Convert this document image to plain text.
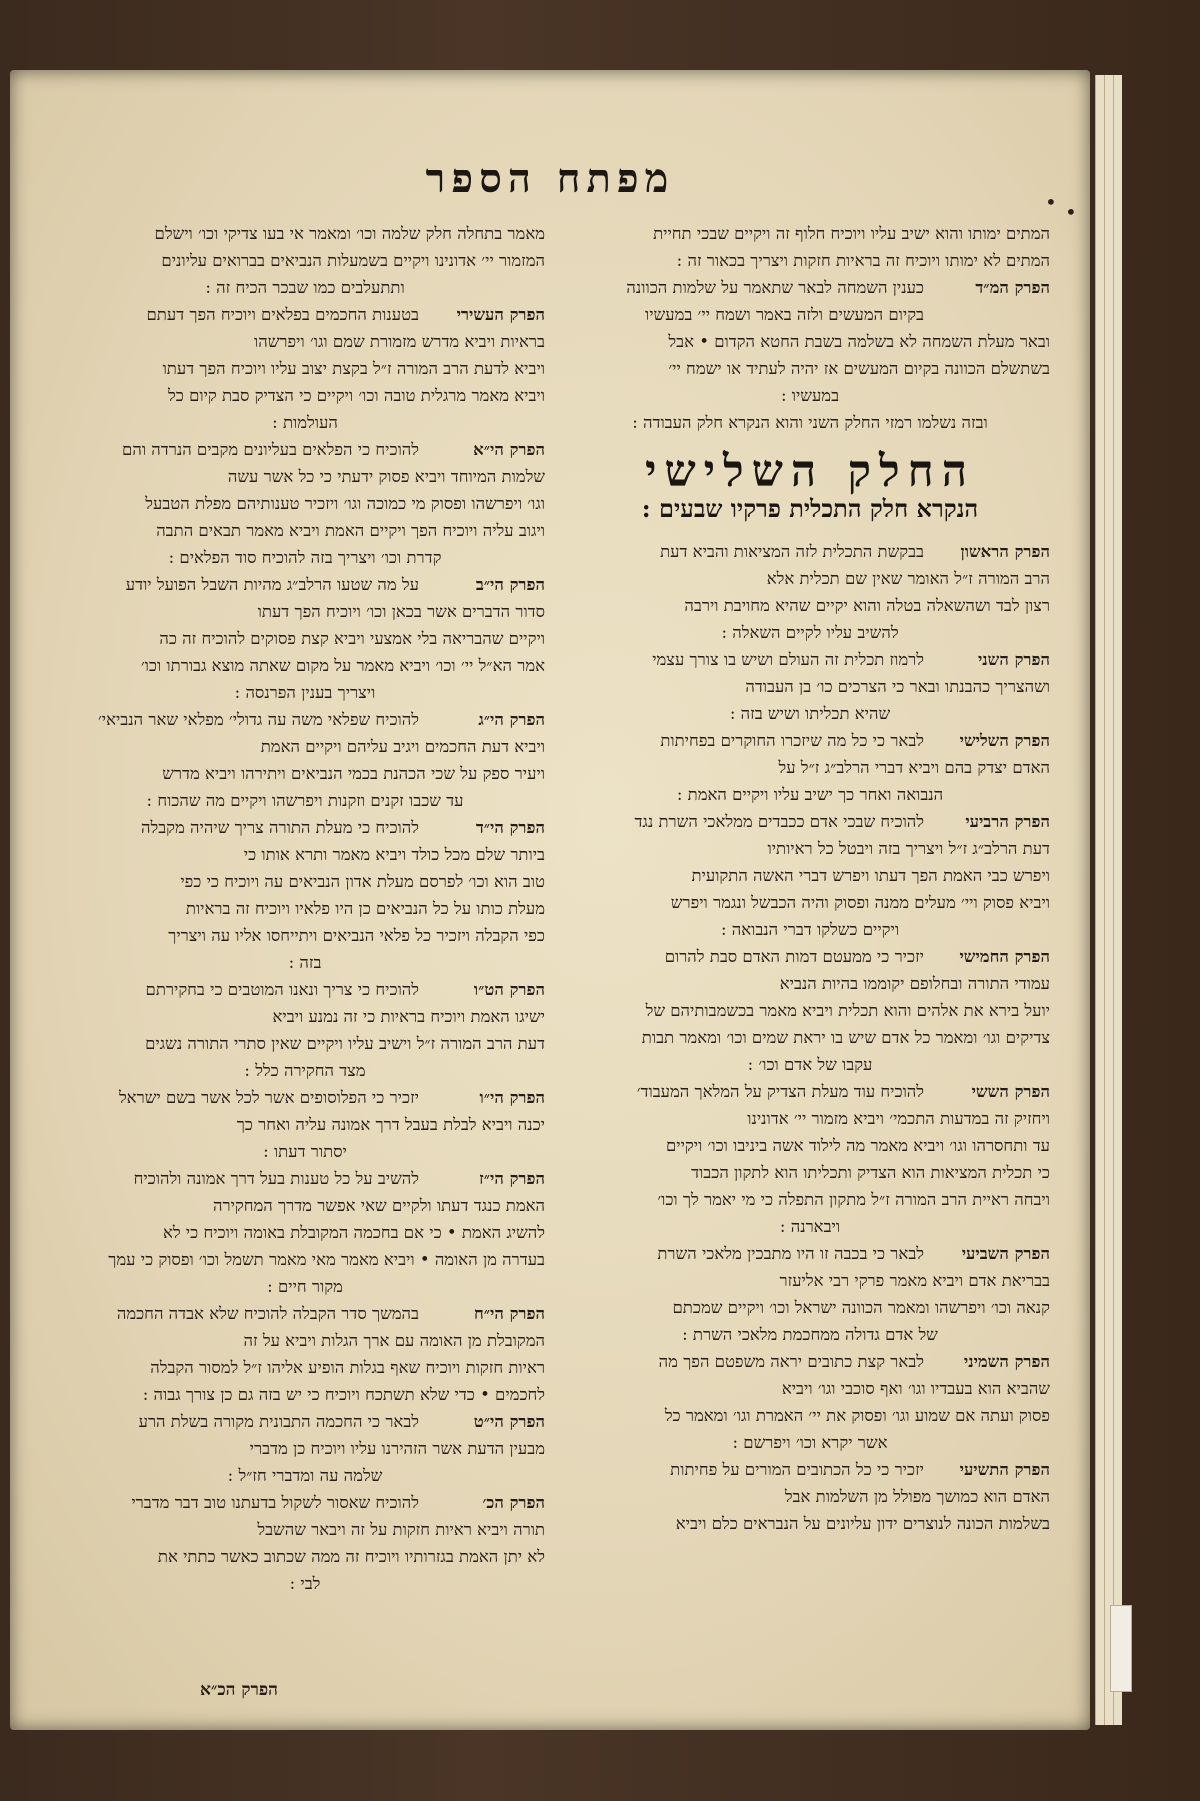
• •
מפתח הספר
המתים ימותו והוא ישיב עליו ויוכיח חלוף זה ויקיים שבכי תחיית
המתים לא ימותו ויוכיח זה בראיות חזקות ויצריך בכאור זה :
הפרק המ״ד
כענין השמחה לבאר שתאמר על שלמות הכוונה
בקיום המעשים ולזה באמר ושמח יי׳ במעשיו
ובאר מעלת השמחה לא בשלמה בשבת החטא הקדום • אבל
בשתשלם הכוונה בקיום המעשים אז יהיה לעתיד או ישמח יי׳
במעשיו :
ובזה נשלמו רמזי החלק השני והוא הנקרא חלק העבודה :
החלק השלישי
הנקרא חלק התכלית פרקיו שבעים :
הפרק הראשון
בבקשת התכלית לזה המציאות והביא דעת
הרב המורה ז״ל האומר שאין שם תכלית אלא
רצון לבד ושהשאלה בטלה והוא יקיים שהיא מחויבת וירבה
להשיב עליו לקיים השאלה :
הפרק השני
לרמוז תכלית זה העולם ושיש בו צורך עצמי
ושהצריך כהבנתו ובאר כי הצרכים כו׳ בן העבודה
שהיא תכליתו ושיש בזה :
הפרק השלישי
לבאר כי כל מה שיזכרו החוקרים בפחיתות
האדם יצדק בהם ויביא דברי הרלב״ג ז״ל על
הנבואה ואחר כך ישיב עליו ויקיים האמת :
הפרק הרביעי
להוכיח שבכי אדם ככבדים ממלאכי השרת נגד
דעת הרלב״ג ז״ל ויצריך בזה ויבטל כל ראיותיו
ויפרש כבי האמת הפך דעתו ויפרש דברי האשה התקועית
ויביא פסוק ויי׳ מעלים ממנה ופסוק והיה הכבשל ונגמר ויפרש
ויקיים כשלקו דברי הנבואה :
הפרק החמישי
יזכיר כי ממעטם דמות האדם סבת להרום
עמודי התורה ובחלופם יקוממו בהיות הנביא
יועל בירא את אלהים והוא תכלית ויביא מאמר בכשמבותיהם של
צדיקים וגו׳ ומאמר כל אדם שיש בו יראת שמים וכו׳ ומאמר תבות
עקבו של אדם וכו׳ :
הפרק הששי
להוכיח עוד מעלת הצדיק על המלאך המעבוד׳
ויחזיק זה במדעות התכמי׳ ויביא מזמור יי׳ אדונינו
עד ותחסרהו וגו׳ ויביא מאמר מה לילוד אשה ביניבו וכו׳ ויקיים
כי תכלית המציאות הוא הצדיק ותכליתו הוא לתקון הכבוד
ויבחה ראיית הרב המורה ז״ל מתקון התפלה כי מי יאמר לך וכו׳
ויבארנה :
הפרק השביעי
לבאר כי בכבה זו היו מתבכין מלאכי השרת
בבריאת אדם ויביא מאמר פרקי רבי אליעזר
קנאה וכו׳ ויפרשהו ומאמר הכוונה ישראל וכו׳ ויקיים שמכתם
של אדם גדולה ממחכמת מלאכי השרת :
הפרק השמיני
לבאר קצת כתובים יראה משפטם הפך מה
שהביא הוא בעבדיו וגו׳ ואף סוכבי וגו׳ ויביא
פסוק ועתה אם שמוע וגו׳ ופסוק את יי׳ האמרת וגו׳ ומאמר כל
אשר יקרא וכו׳ ויפרשם :
הפרק התשיעי
יזכיר כי כל הכתובים המורים על פחיתות
האדם הוא כמושך מפולל מן השלמות אבל
בשלמות הכונה לנוצרים ידון עליונים על הנבראים כלם ויביא
מאמר בתחלה חלק שלמה וכו׳ ומאמר אי בעו צדיקי וכו׳ וישלם
המזמור יי׳ אדונינו ויקיים בשמעלות הנביאים בברואים עליונים
ותתעלבים כמו שבכר הכיח זה :
הפרק העשירי
בטענות החכמים בפלאים ויוכיח הפך דעתם
בראיות ויביא מדרש מזמורת שמם וגו׳ ויפרשהו
ויביא לדעת הרב המורה ז״ל בקצת יצוב עליו ויוכיח הפך דעתו
ויביא מאמר מרגלית טובה וכו׳ ויקיים כי הצדיק סבת קיום כל
העולמות :
הפרק הי״א
להוכיח כי הפלאים בעליונים מקבים הנרדה והם
שלמות המיוחד ויביא פסוק ידעתי כי כל אשר עשה
וגו׳ ויפרשהו ופסוק מי כמוכה וגו׳ ויזכיר טענותיהם מפלת הטבעל
ויגוב עליה ויוכיח הפך ויקיים האמת ויביא מאמר תבאים התבה
קדרת וכו׳ ויצריך בזה להוכיח סוד הפלאים :
הפרק הי״ב
על מה שטעו הרלב״ג מהיות השבל הפועל יודע
סדור הדברים אשר בכאן וכו׳ ויוכיח הפך דעתו
ויקיים שהבריאה בלי אמצעי ויביא קצת פסוקים להוכיח זה כה
אמר הא״ל יי׳ וכו׳ ויביא מאמר על מקום שאתה מוצא גבורתו וכו׳
ויצריך בענין הפרנסה :
הפרק הי״ג
להוכיח שפלאי משה עה גדולי׳ מפלאי שאר הנביאי׳
ויביא דעת החכמים ויגיב עליהם ויקיים האמת
ויעיר ספק על שכי הכהנת בכמי הנביאים ויתירהו ויביא מדרש
עד שכבו זקנים וזקנות ויפרשהו ויקיים מה שהכוח :
הפרק הי״ד
להוכיח כי מעלת התורה צריך שיהיה מקבלה
ביותר שלם מכל כולד ויביא מאמר ותרא אותו כי
טוב הוא וכו׳ לפרסם מעלת אדון הנביאים עה ויוכיח כי כפי
מעלת כותו על כל הנביאים כן היו פלאיו ויוכיח זה בראיות
כפי הקבלה ויזכיר כל פלאי הנביאים ויתייחסו אליו עה ויצריך
בזה :
הפרק הט״ו
להוכיח כי צריך ונאנו המוטבים כי בחקירתם
ישיגו האמת ויוכיח בראיות כי זה נמנע ויביא
דעת הרב המורה ז״ל וישיב עליו ויקיים שאין סתרי התורה נשגים
מצד החקירה כלל :
הפרק הי״ו
יזכיר כי הפלוסופים אשר לכל אשר בשם ישראל
יכנה ויביא לבלת בעבל דרך אמונה עליה ואחר כך
יסתור דעתו :
הפרק הי״ז
להשיב על כל טענות בעל דרך אמונה ולהוכיח
האמת כנגד דעתו ולקיים שאי אפשר מדרך המחקירה
להשיג האמת • כי אם בחכמה המקובלת באומה ויוכיח כי לא
בעדרה מן האומה • ויביא מאמר מאי מאמר תשמל וכו׳ ופסוק כי עמך
מקור חיים :
הפרק הי״ח
בהמשך סדר הקבלה להוכיח שלא אבדה החכמה
המקובלת מן האומה עם ארך הגלות ויביא על זה
ראיות חזקות ויוכיח שאף בגלות הופיע אליהו ז״ל למסור הקבלה
לחכמים • כדי שלא תשתכח ויוכיח כי יש בזה גם כן צורך גבוה :
הפרק הי״ט
לבאר כי החכמה התבונית מקורה בשלת הרע
מבעין הדעת אשר הזהירנו עליו ויוכיח כן מדברי
שלמה עה ומדברי חז״ל :
הפרק הכ׳
להוכיח שאסור לשקול בדעתנו טוב דבר מדברי
תורה ויביא ראיות חזקות על זה ויבאר שהשבל
לא יתן האמת בגזרותיו ויוכיח זה ממה שכתוב כאשר כתתי את
לבי :
הפרק הכ״א
